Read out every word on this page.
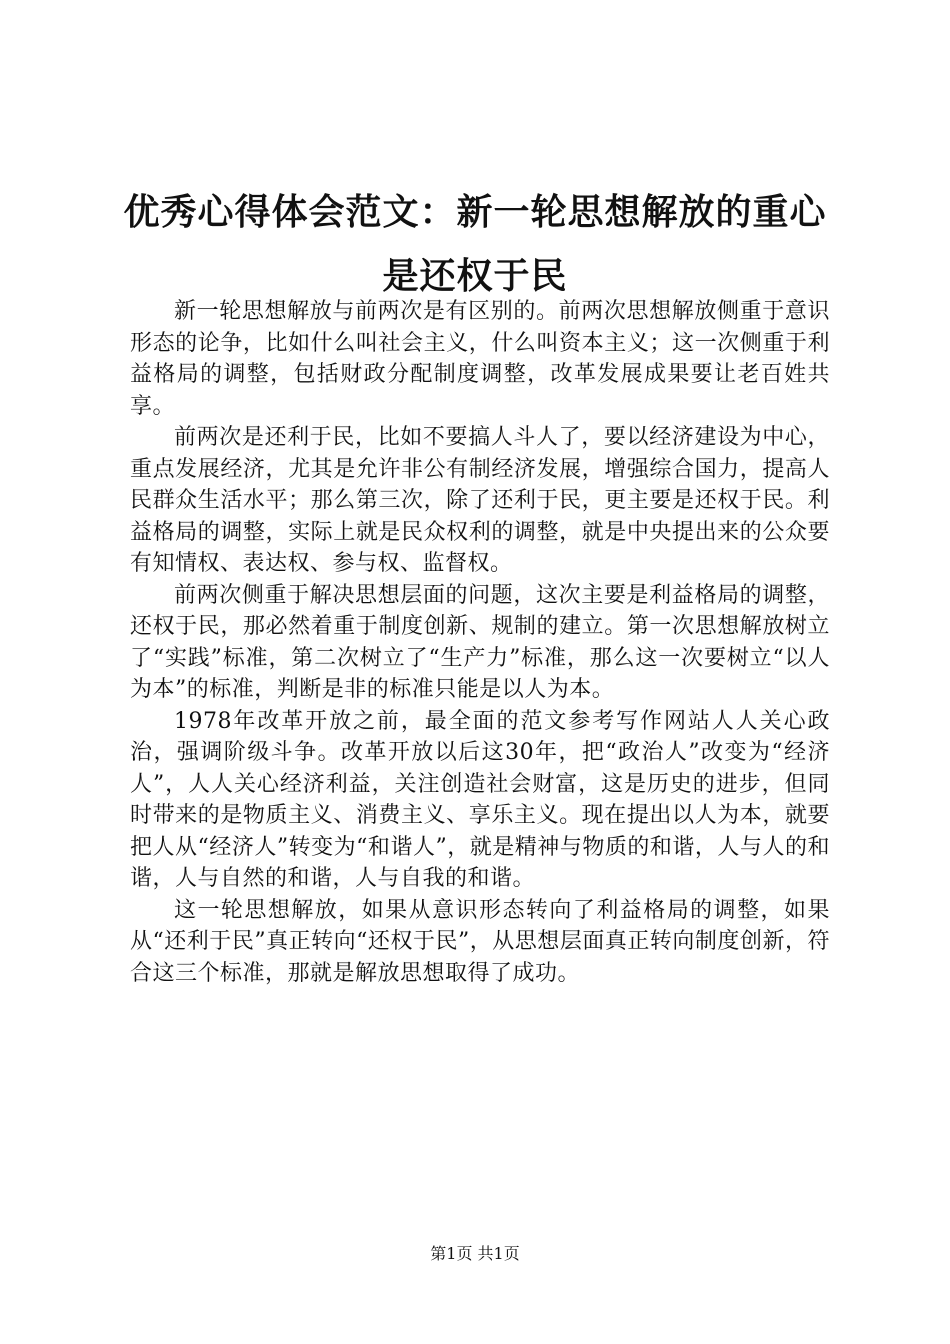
优秀心得体会范文：新一轮思想解放的重心是还权于民

新一轮思想解放与前两次是有区别的。前两次思想解放侧重于意识形态的论争，比如什么叫社会主义，什么叫资本主义；这一次侧重于利益格局的调整，包括财政分配制度调整，改革发展成果要让老百姓共享。

前两次是还利于民，比如不要搞人斗人了，要以经济建设为中心，重点发展经济，尤其是允许非公有制经济发展，增强综合国力，提高人民群众生活水平；那么第三次，除了还利于民，更主要是还权于民。利益格局的调整，实际上就是民众权利的调整，就是中央提出来的公众要有知情权、表达权、参与权、监督权。

前两次侧重于解决思想层面的问题，这次主要是利益格局的调整，还权于民，那必然着重于制度创新、规制的建立。第一次思想解放树立了“实践”标准，第二次树立了“生产力”标准，那么这一次要树立“以人为本”的标准，判断是非的标准只能是以人为本。

1978年改革开放之前，最全面的范文参考写作网站人人关心政治，强调阶级斗争。改革开放以后这30年，把“政治人”改变为“经济人”，人人关心经济利益，关注创造社会财富，这是历史的进步，但同时带来的是物质主义、消费主义、享乐主义。现在提出以人为本，就要把人从“经济人”转变为“和谐人”，就是精神与物质的和谐，人与人的和谐，人与自然的和谐，人与自我的和谐。

这一轮思想解放，如果从意识形态转向了利益格局的调整，如果从“还利于民”真正转向“还权于民”，从思想层面真正转向制度创新，符合这三个标准，那就是解放思想取得了成功。

第1页 共1页
